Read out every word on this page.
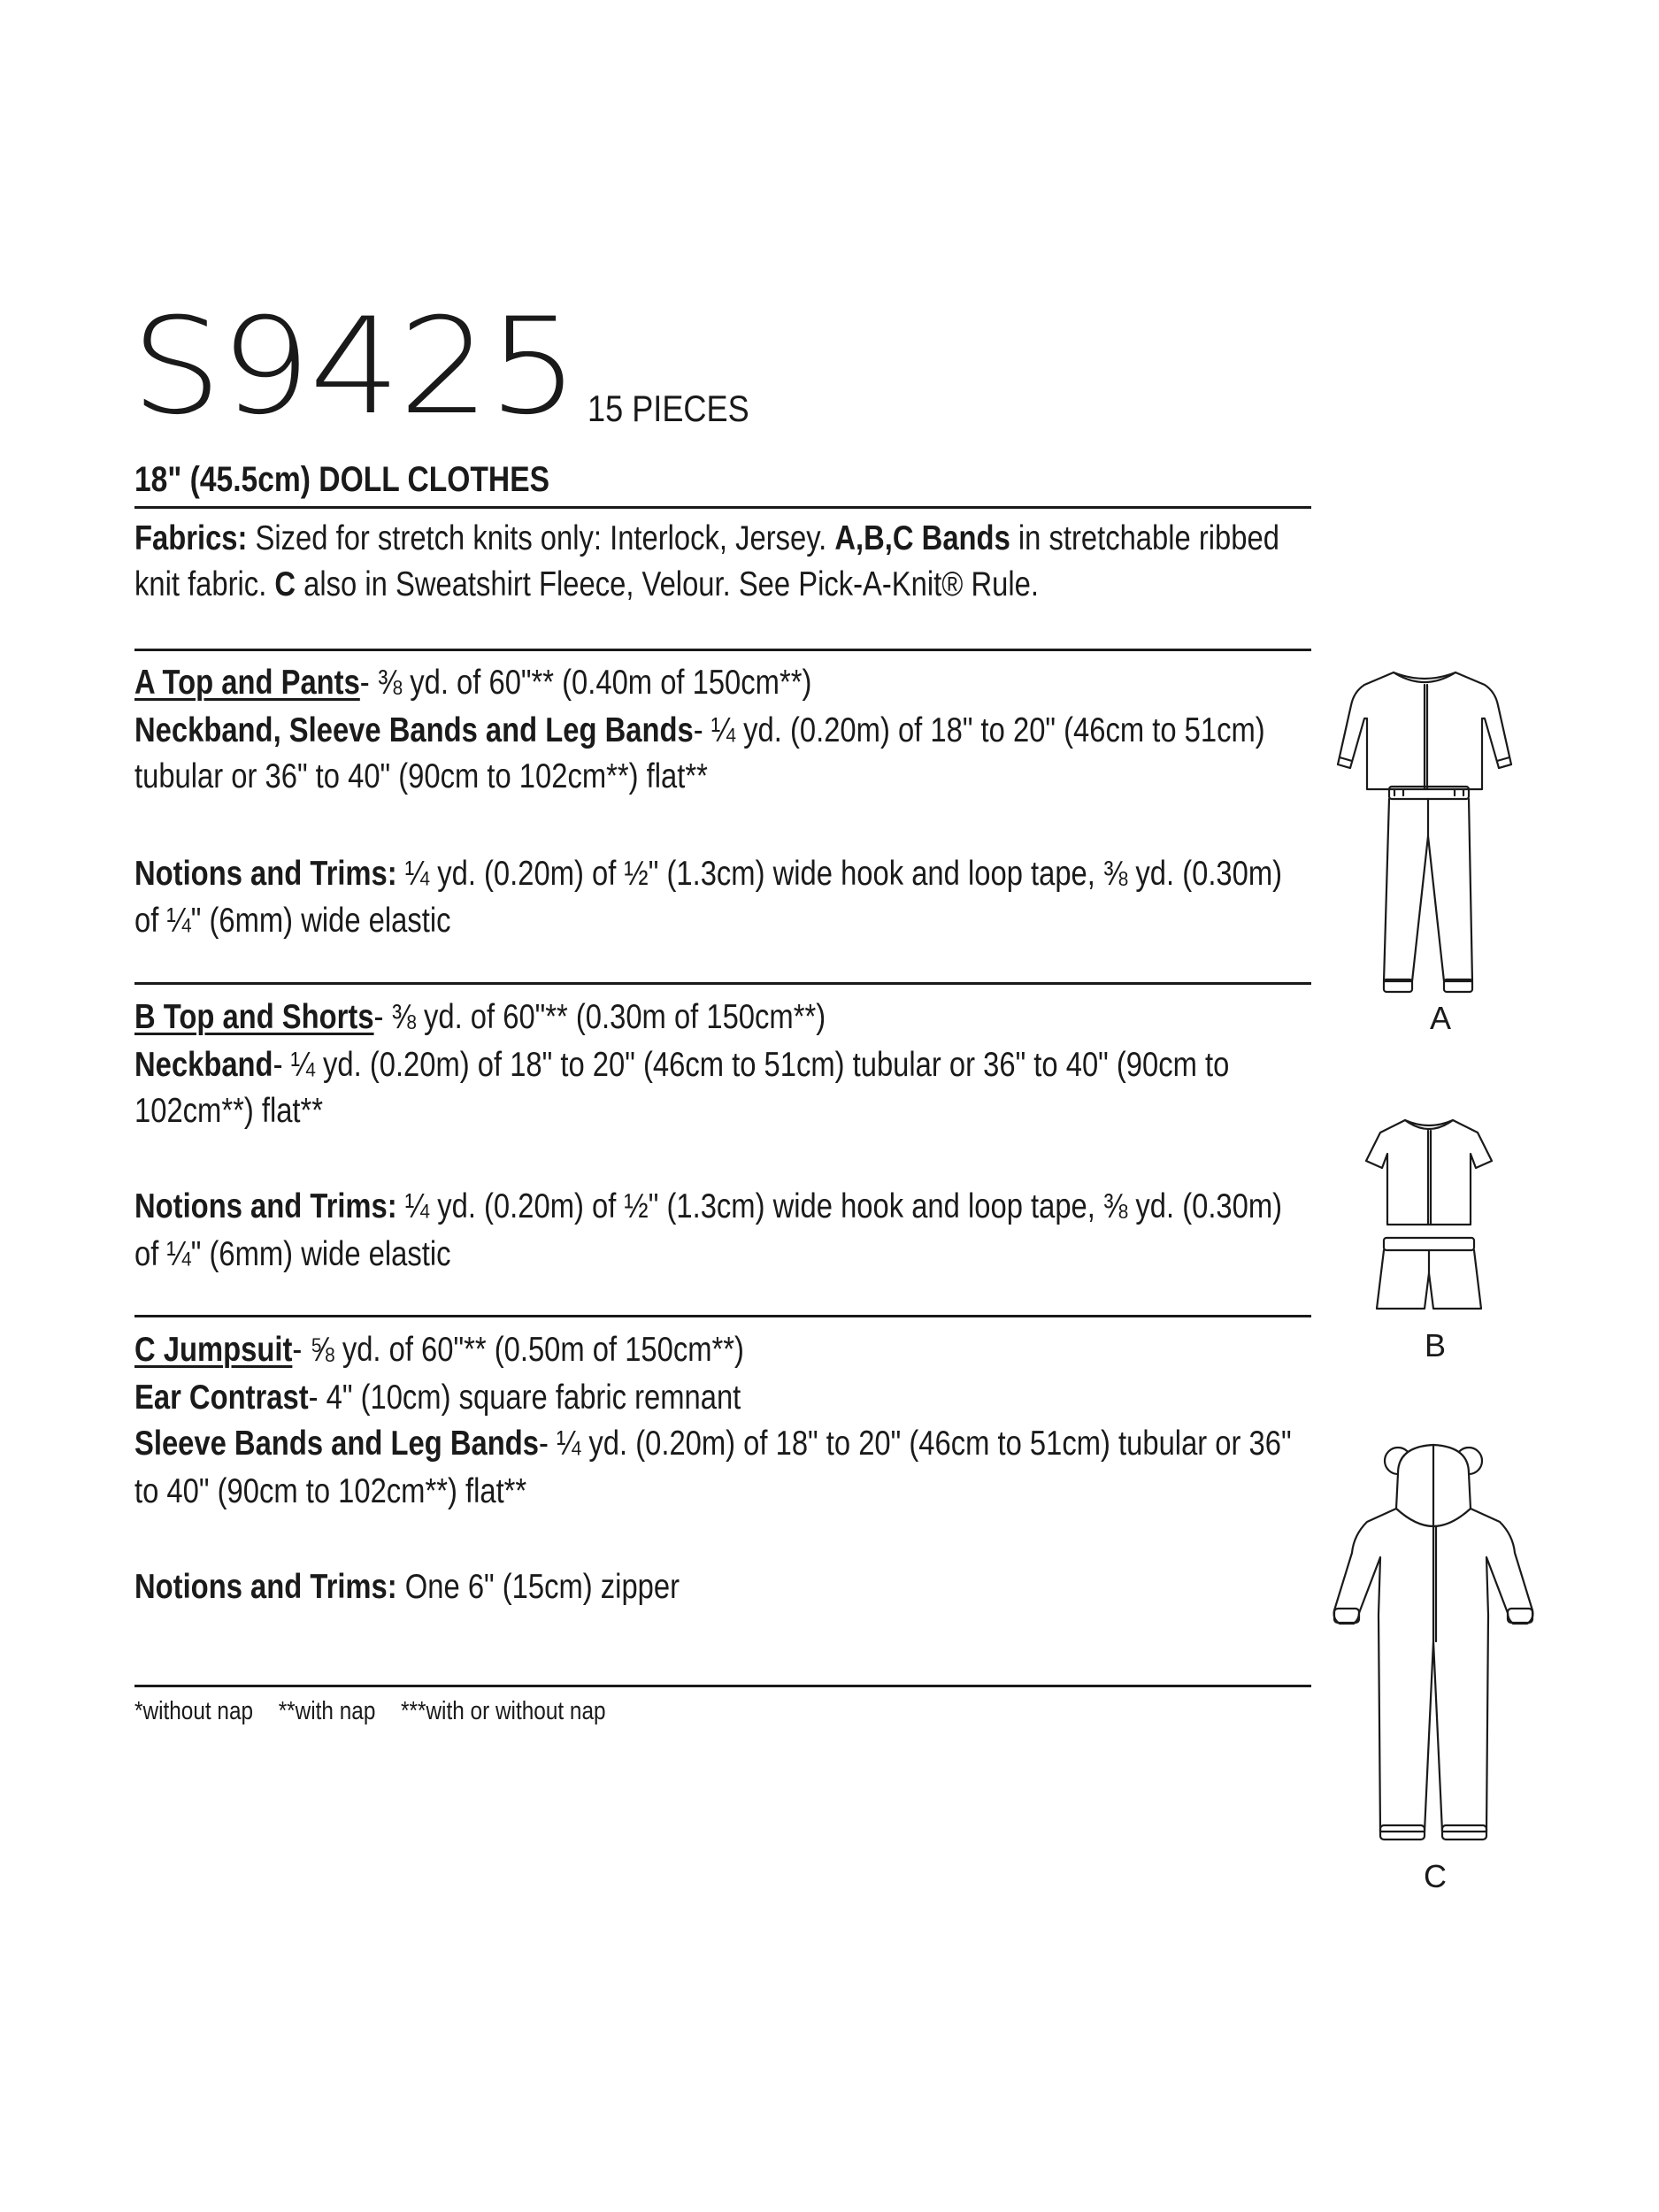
S9425 15 PIECES
18" (45.5cm) DOLL CLOTHES
Fabrics: Sized for stretch knits only: Interlock, Jersey. A,B,C Bands in stretchable ribbed
knit fabric. C also in Sweatshirt Fleece, Velour. See Pick-A-Knit® Rule.
A Top and Pants- ⅜ yd. of 60"** (0.40m of 150cm**)
Neckband, Sleeve Bands and Leg Bands- ¼ yd. (0.20m) of 18" to 20" (46cm to 51cm)
tubular or 36" to 40" (90cm to 102cm**) flat**
Notions and Trims: ¼ yd. (0.20m) of ½" (1.3cm) wide hook and loop tape, ⅜ yd. (0.30m)
of ¼" (6mm) wide elastic
B Top and Shorts- ⅜ yd. of 60"** (0.30m of 150cm**)
Neckband- ¼ yd. (0.20m) of 18" to 20" (46cm to 51cm) tubular or 36" to 40" (90cm to
102cm**) flat**
Notions and Trims: ¼ yd. (0.20m) of ½" (1.3cm) wide hook and loop tape, ⅜ yd. (0.30m)
of ¼" (6mm) wide elastic
C Jumpsuit- ⅝ yd. of 60"** (0.50m of 150cm**)
Ear Contrast- 4" (10cm) square fabric remnant
Sleeve Bands and Leg Bands- ¼ yd. (0.20m) of 18" to 20" (46cm to 51cm) tubular or 36"
to 40" (90cm to 102cm**) flat**
Notions and Trims: One 6" (15cm) zipper
*without nap **with nap ***with or without nap
A
B
C
